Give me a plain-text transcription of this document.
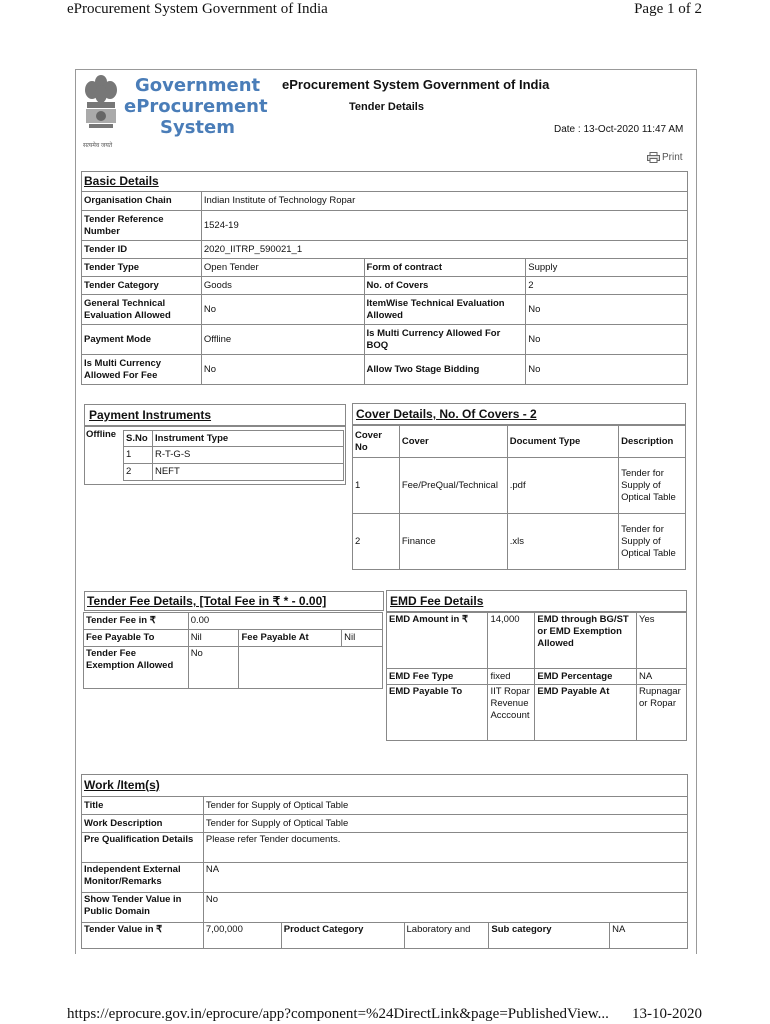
eProcurement System Government of India	Page 1 of 2
सत्यमेव जयते
Government
eProcurement
System
eProcurement System Government of India
Tender Details
Date : 13-Oct-2020 11:47 AM
Print
Basic Details			
Organisation Chain	Indian Institute of Technology Ropar		
Tender Reference Number	1524-19		
Tender ID	2020_IITRP_590021_1		
Tender Type	Open Tender	Form of contract	Supply
Tender Category	Goods	No. of Covers	2
General Technical Evaluation Allowed	No	ItemWise Technical Evaluation Allowed	No
Payment Mode	Offline	Is Multi Currency Allowed For BOQ	No
Is Multi Currency Allowed For Fee	No	Allow Two Stage Bidding	No
Payment Instruments
Offline S.No	Instrument Type
1	R-T-G-S
2	NEFT
Cover Details, No. Of Covers - 2
Cover No	Cover	Document Type	Description
1	Fee/PreQual/Technical	.pdf	Tender for Supply of Optical Table
2	Finance	.xls	Tender for Supply of Optical Table
Tender Fee Details, [Total Fee in ₹ * - 0.00]
Tender Fee in ₹	0.00		
Fee Payable To	Nil	Fee Payable At	Nil
Tender Fee Exemption Allowed	No		
EMD Fee Details
EMD Amount in ₹	14,000	EMD through BG/ST or EMD Exemption Allowed	Yes
EMD Fee Type	fixed	EMD Percentage	NA
EMD Payable To	IIT Ropar Revenue Acccount	EMD Payable At	Rupnagar or Ropar
Work /Item(s)					
Title	Tender for Supply of Optical Table				
Work Description	Tender for Supply of Optical Table				
Pre Qualification Details	Please refer Tender documents.				
Independent External Monitor/Remarks	NA				
Show Tender Value in Public Domain	No				
Tender Value in ₹	7,00,000	Product Category	Laboratory and	Sub category	NA
https://eprocure.gov.in/eprocure/app?component=%24DirectLink&page=PublishedView... 13-10-2020
